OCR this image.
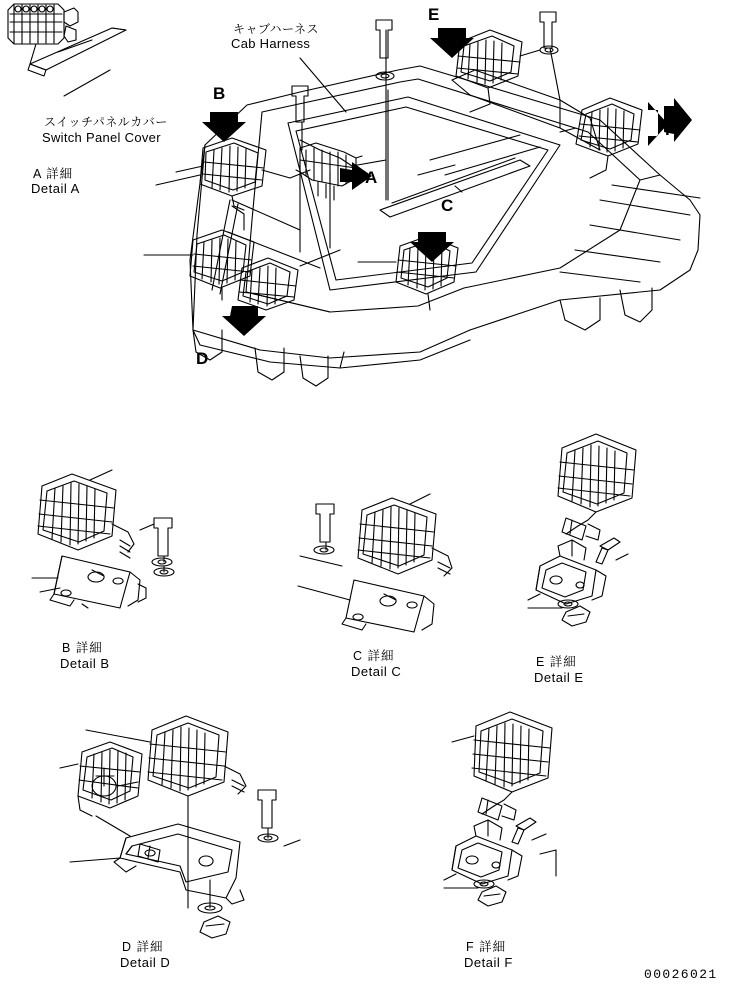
キャブハーネス
Cab Harness
スイッチパネルカバー
Switch Panel Cover
A 詳細
Detail A
B
A
C
D
E
F
B 詳細
Detail B	C 詳細
Detail C
E 詳細
Detail E
D 詳細
Detail D
F 詳細
Detail F
00026021
